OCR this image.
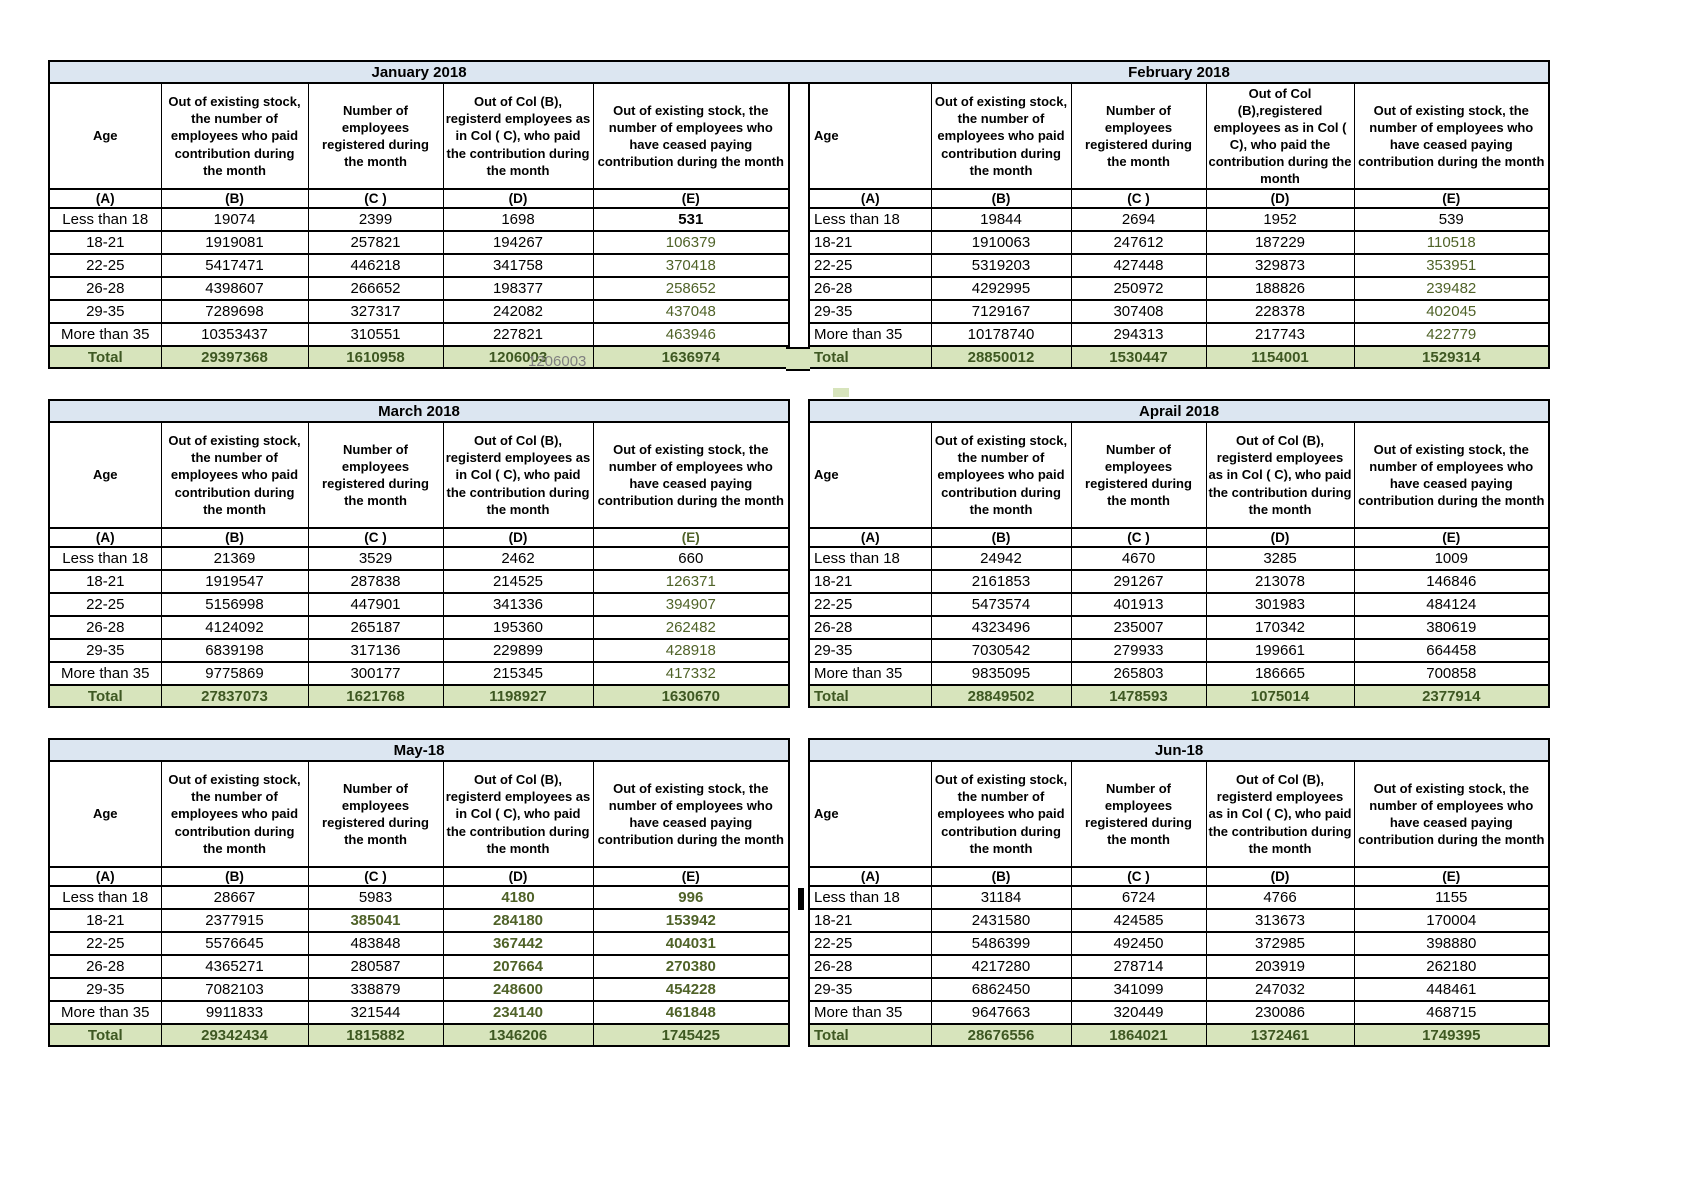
January 2018				
Age	Out of existing stock, the number of employees who paid contribution during the month	Number of employees registered during the month	Out of Col (B), registerd employees as in Col ( C), who paid the contribution during the month	Out of existing stock, the number of employees who have ceased paying contribution during the month
(A)	(B)	(C )	(D)	(E)
Less than 18	19074	2399	1698	531
18-21	1919081	257821	194267	106379
22-25	5417471	446218	341758	370418
26-28	4398607	266652	198377	258652
29-35	7289698	327317	242082	437048
More than 35	10353437	310551	227821	463946
Total	29397368	1610958	1206003	1636974
February 2018				
Age	Out of existing stock, the number of employees who paid contribution during the month	Number of employees registered during the month	Out of Col (B),registered employees as in Col ( C), who paid the contribution during the month	Out of existing stock, the number of employees who have ceased paying contribution during the month
(A)	(B)	(C )	(D)	(E)
Less than 18	19844	2694	1952	539
18-21	1910063	247612	187229	110518
22-25	5319203	427448	329873	353951
26-28	4292995	250972	188826	239482
29-35	7129167	307408	228378	402045
More than 35	10178740	294313	217743	422779
Total	28850012	1530447	1154001	1529314
March 2018				
Age	Out of existing stock, the number of employees who paid contribution during the month	Number of employees registered during the month	Out of Col (B), registerd employees as in Col ( C), who paid the contribution during the month	Out of existing stock, the number of employees who have ceased paying contribution during the month
(A)	(B)	(C )	(D)	(E)
Less than 18	21369	3529	2462	660
18-21	1919547	287838	214525	126371
22-25	5156998	447901	341336	394907
26-28	4124092	265187	195360	262482
29-35	6839198	317136	229899	428918
More than 35	9775869	300177	215345	417332
Total	27837073	1621768	1198927	1630670
Aprail 2018				
Age	Out of existing stock, the number of employees who paid contribution during the month	Number of employees registered during the month	Out of Col (B), registerd employees as in Col ( C), who paid the contribution during the month	Out of existing stock, the number of employees who have ceased paying contribution during the month
(A)	(B)	(C )	(D)	(E)
Less than 18	24942	4670	3285	1009
18-21	2161853	291267	213078	146846
22-25	5473574	401913	301983	484124
26-28	4323496	235007	170342	380619
29-35	7030542	279933	199661	664458
More than 35	9835095	265803	186665	700858
Total	28849502	1478593	1075014	2377914
May-18				
Age	Out of existing stock, the number of employees who paid contribution during the month	Number of employees registered during the month	Out of Col (B), registerd employees as in Col ( C), who paid the contribution during the month	Out of existing stock, the number of employees who have ceased paying contribution during the month
(A)	(B)	(C )	(D)	(E)
Less than 18	28667	5983	4180	996
18-21	2377915	385041	284180	153942
22-25	5576645	483848	367442	404031
26-28	4365271	280587	207664	270380
29-35	7082103	338879	248600	454228
More than 35	9911833	321544	234140	461848
Total	29342434	1815882	1346206	1745425
Jun-18				
Age	Out of existing stock, the number of employees who paid contribution during the month	Number of employees registered during the month	Out of Col (B), registerd employees as in Col ( C), who paid the contribution during the month	Out of existing stock, the number of employees who have ceased paying contribution during the month
(A)	(B)	(C )	(D)	(E)
Less than 18	31184	6724	4766	1155
18-21	2431580	424585	313673	170004
22-25	5486399	492450	372985	398880
26-28	4217280	278714	203919	262180
29-35	6862450	341099	247032	448461
More than 35	9647663	320449	230086	468715
Total	28676556	1864021	1372461	1749395
1206003
